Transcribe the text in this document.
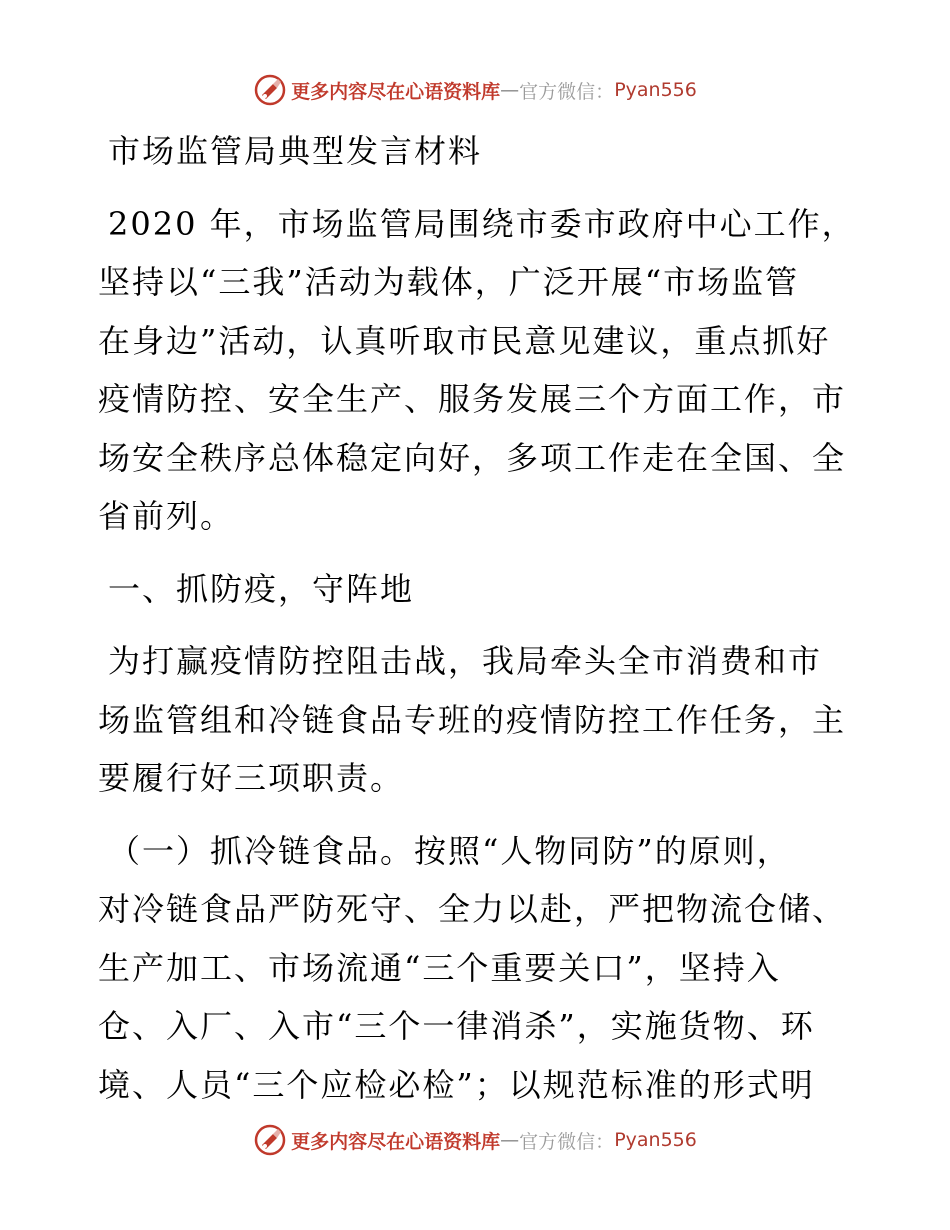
更多内容尽在心语资料库 — 官方微信： Pyan556
市场监管局典型发言材料
2020 年，市场监管局围绕市委市政府中心工作，
坚持以“三我”活动为载体，广泛开展“市场监管
在身边”活动，认真听取市民意见建议，重点抓好
疫情防控、安全生产、服务发展三个方面工作，市
场安全秩序总体稳定向好，多项工作走在全国、全
省前列。
一、抓防疫，守阵地
为打赢疫情防控阻击战，我局牵头全市消费和市
场监管组和冷链食品专班的疫情防控工作任务，主
要履行好三项职责。
（一）抓冷链食品。按照“人物同防”的原则，
对冷链食品严防死守、全力以赴，严把物流仓储、
生产加工、市场流通“三个重要关口”，坚持入
仓、入厂、入市“三个一律消杀”，实施货物、环
境、人员“三个应检必检”；以规范标准的形式明
更多内容尽在心语资料库 — 官方微信： Pyan556
